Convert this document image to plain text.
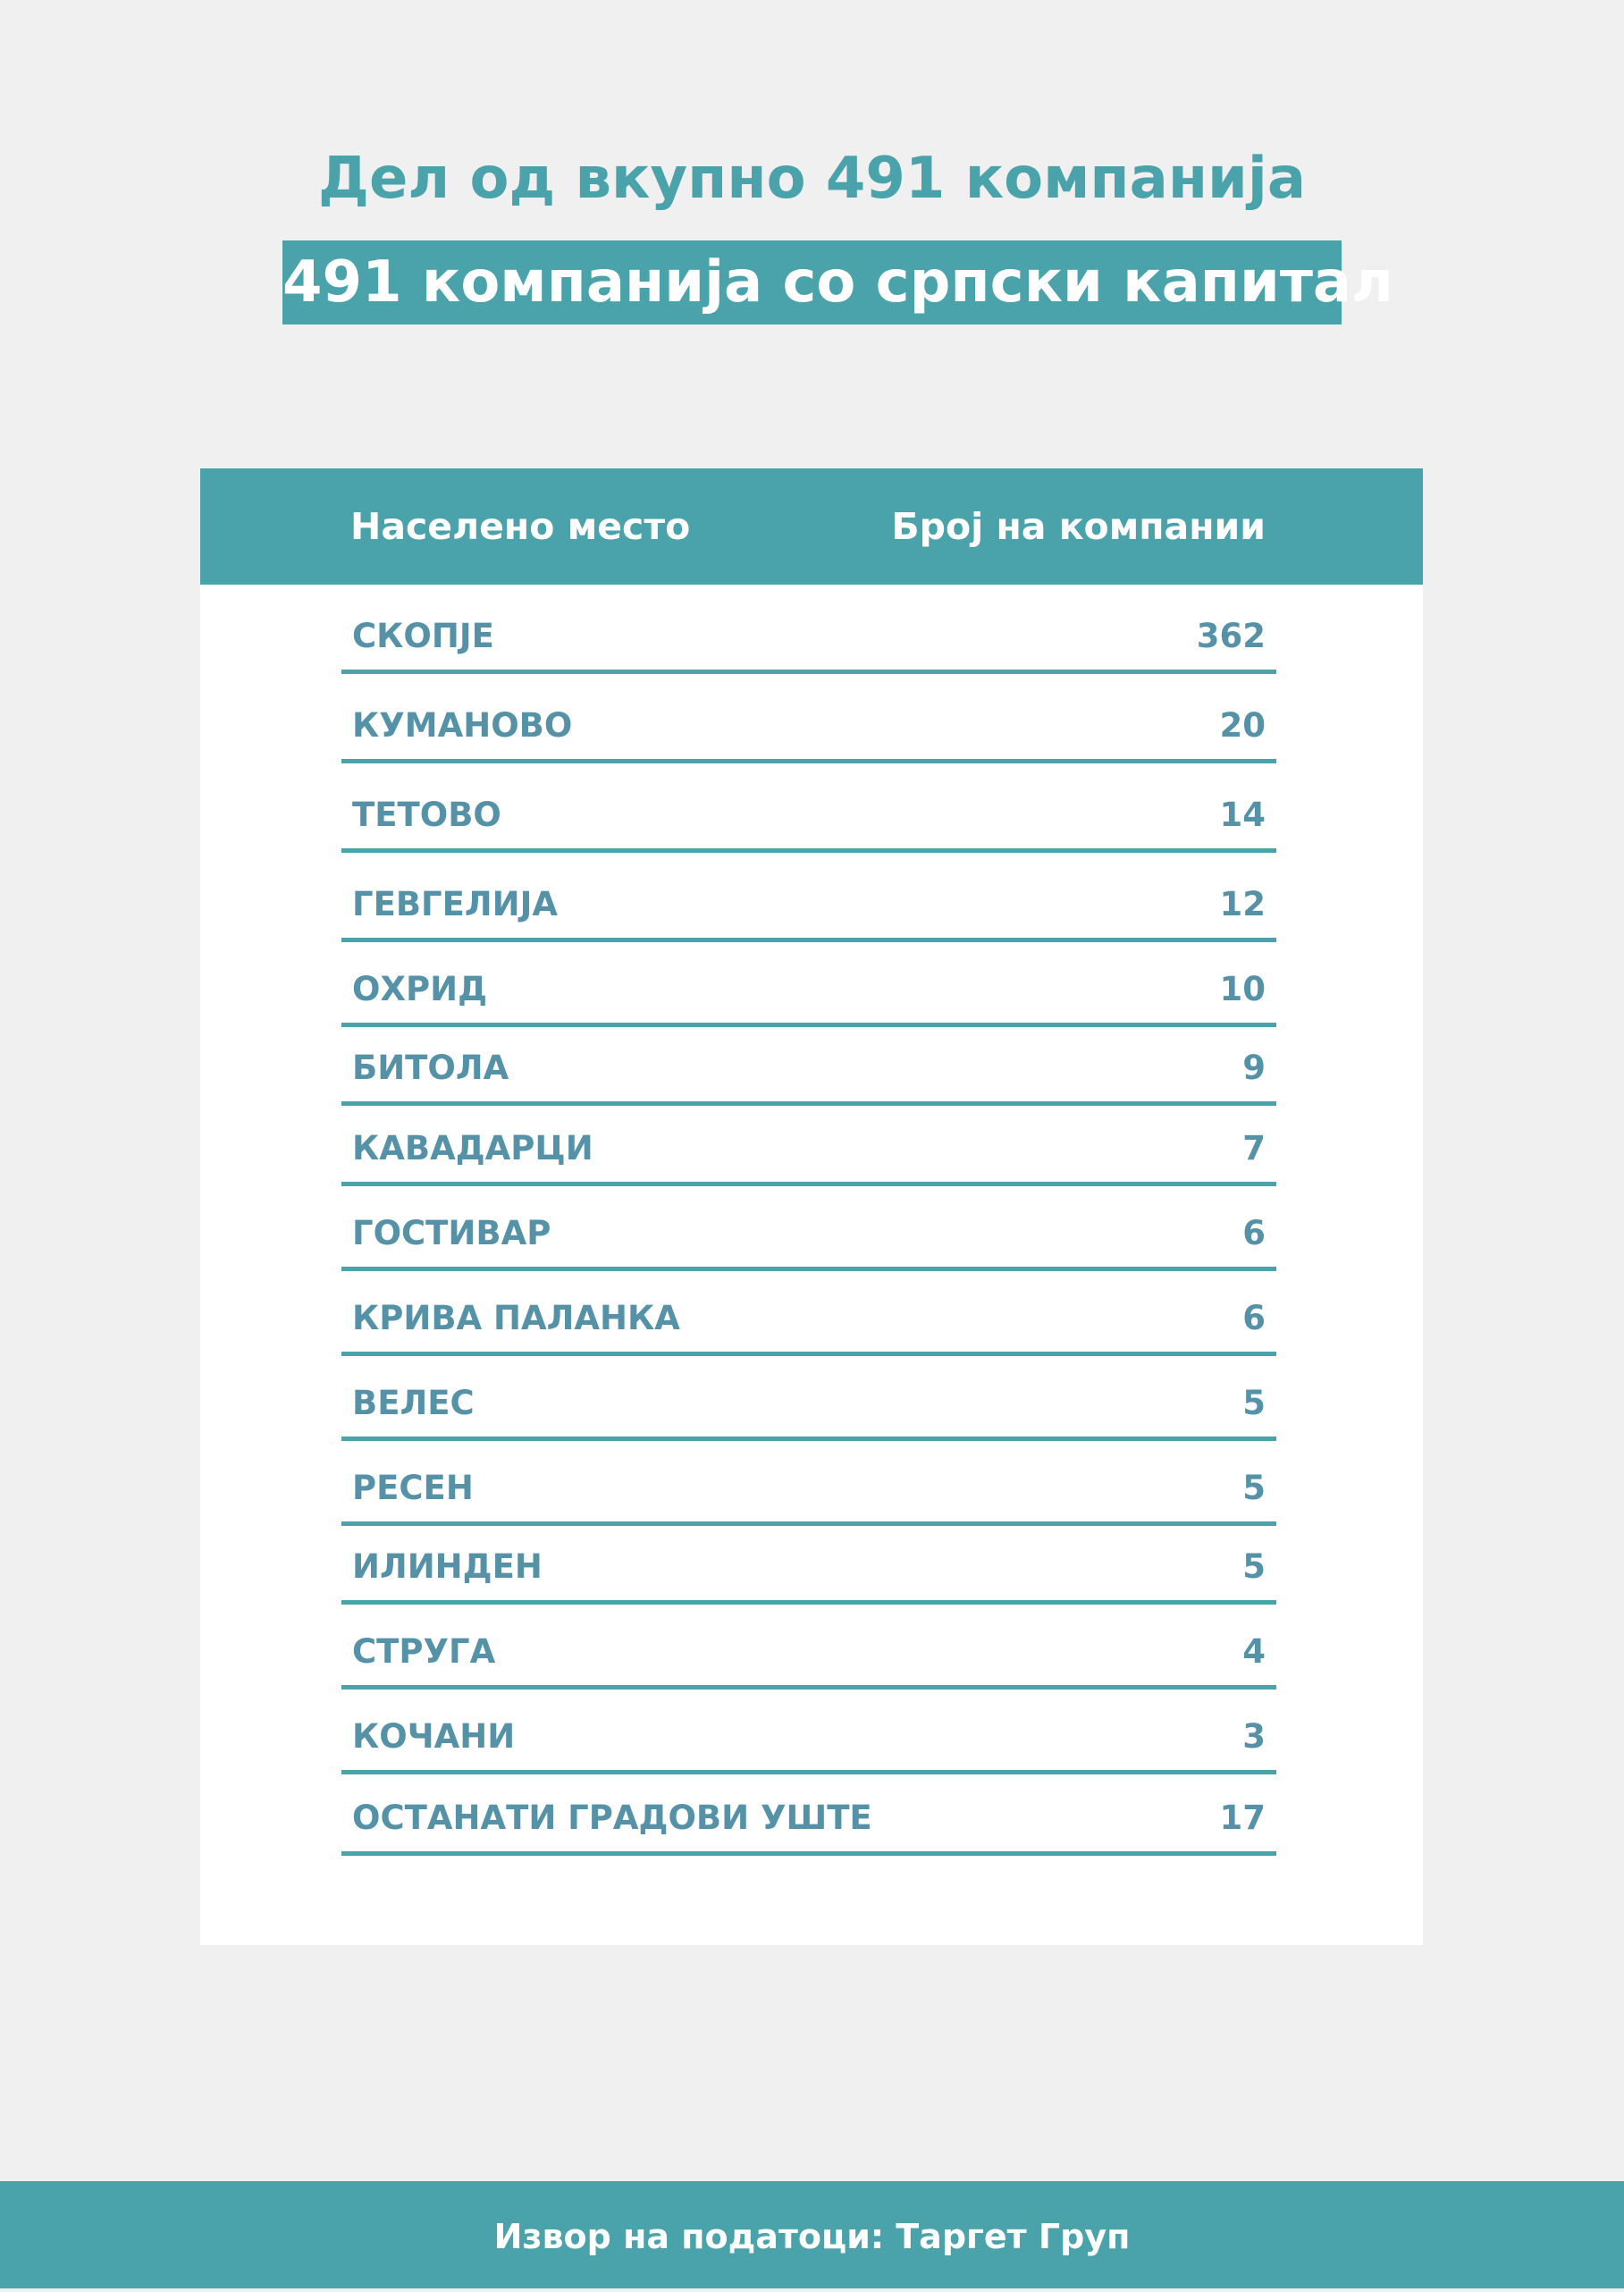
Дел од вкупно 491 компанија
491 компанија со српски капитал
Населено место	Број на компании
СКОПЈЕ	362
КУМАНОВО	20
ТЕТОВО	14
ГЕВГЕЛИЈА	12
ОХРИД	10
БИТОЛА	9
КАВАДАРЦИ	7
ГОСТИВАР	6
КРИВА ПАЛАНКА	6
ВЕЛЕС	5
РЕСЕН	5
ИЛИНДЕН	5
СТРУГА	4
КОЧАНИ	3
ОСТАНАТИ ГРАДОВИ УШТЕ	17
Извор на податоци: Таргет Груп
